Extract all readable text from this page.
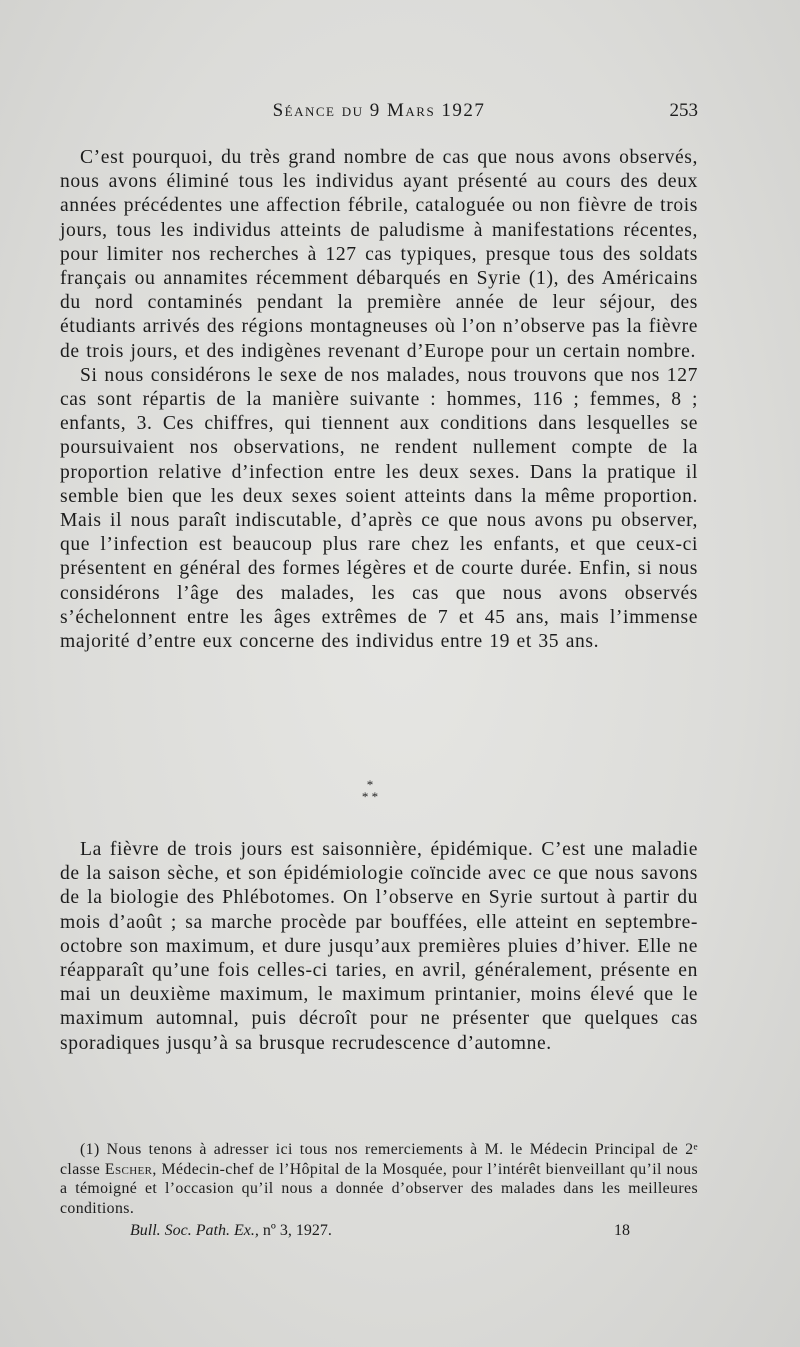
Séance du 9 Mars 1927	253

C’est pourquoi, du très grand nombre de cas que nous avons observés, nous avons éliminé tous les individus ayant présenté au cours des deux années précédentes une affection fébrile, cataloguée ou non fièvre de trois jours, tous les individus atteints de paludisme à manifestations récentes, pour limiter nos recherches à 127 cas typiques, presque tous des soldats français ou annamites récemment débarqués en Syrie (1), des Américains du nord contaminés pendant la première année de leur séjour, des étudiants arrivés des régions montagneuses où l’on n’observe pas la fièvre de trois jours, et des indigènes revenant d’Europe pour un certain nombre.

Si nous considérons le sexe de nos malades, nous trouvons que nos 127 cas sont répartis de la manière suivante : hommes, 116 ; femmes, 8 ; enfants, 3. Ces chiffres, qui tiennent aux conditions dans lesquelles se poursuivaient nos observations, ne rendent nullement compte de la proportion relative d’infection entre les deux sexes. Dans la pratique il semble bien que les deux sexes soient atteints dans la même proportion. Mais il nous paraît indiscutable, d’après ce que nous avons pu observer, que l’infection est beaucoup plus rare chez les enfants, et que ceux-ci présentent en général des formes légères et de courte durée. Enfin, si nous considérons l’âge des malades, les cas que nous avons observés s’échelonnent entre les âges extrêmes de 7 et 45 ans, mais l’immense majorité d’entre eux concerne des individus entre 19 et 35 ans.

*
* *

La fièvre de trois jours est saisonnière, épidémique. C’est une maladie de la saison sèche, et son épidémiologie coïncide avec ce que nous savons de la biologie des Phlébotomes. On l’observe en Syrie surtout à partir du mois d’août ; sa marche procède par bouffées, elle atteint en septembre-octobre son maximum, et dure jusqu’aux premières pluies d’hiver. Elle ne réapparaît qu’une fois celles-ci taries, en avril, généralement, présente en mai un deuxième maximum, le maximum printanier, moins élevé que le maximum automnal, puis décroît pour ne présenter que quelques cas sporadiques jusqu’à sa brusque recrudescence d’automne.

(1) Nous tenons à adresser ici tous nos remerciements à M. le Médecin Principal de 2ᵉ classe Escher, Médecin-chef de l’Hôpital de la Mosquée, pour l’intérêt bienveillant qu’il nous a témoigné et l’occasion qu’il nous a donnée d’observer des malades dans les meilleures conditions.

Bull. Soc. Path. Ex., nº 3, 1927.	18
